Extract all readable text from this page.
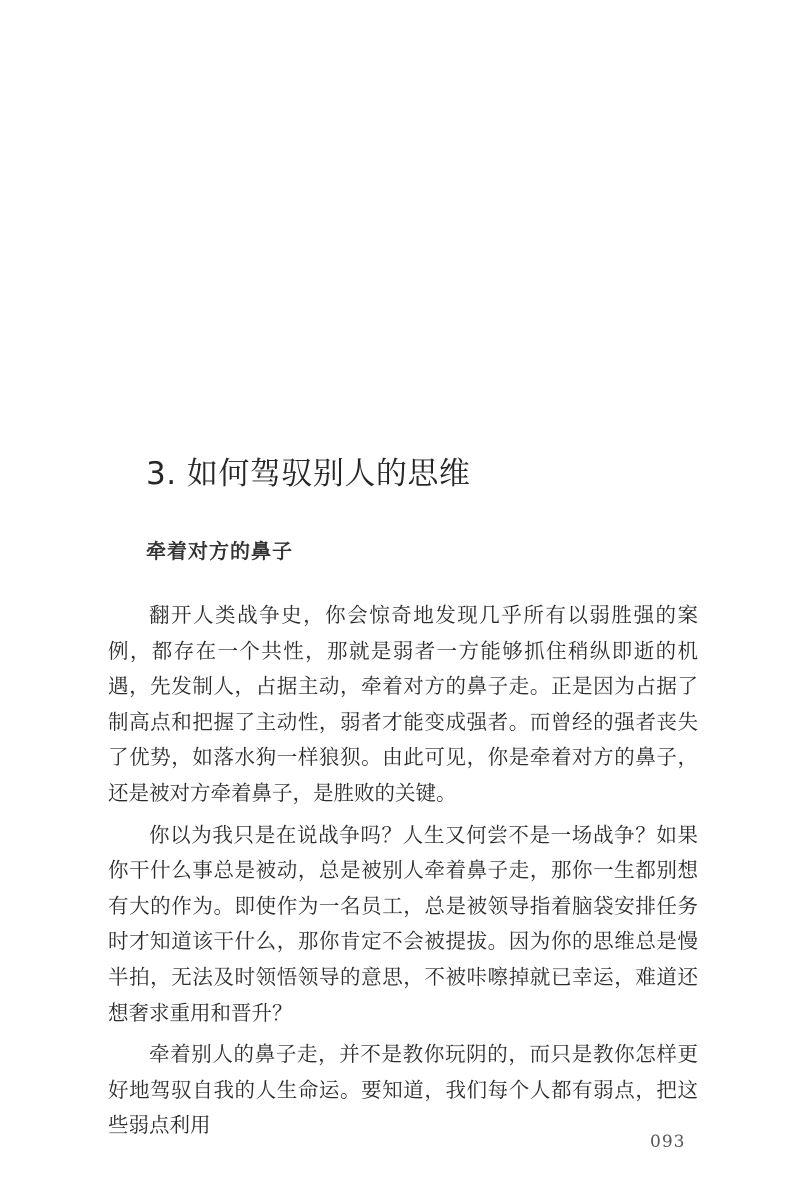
3. 如何驾驭别人的思维
牵着对方的鼻子

翻开人类战争史，你会惊奇地发现几乎所有以弱胜强的案例，都存在一个共性，那就是弱者一方能够抓住稍纵即逝的机遇，先发制人，占据主动，牵着对方的鼻子走。正是因为占据了制高点和把握了主动性，弱者才能变成强者。而曾经的强者丧失了优势，如落水狗一样狼狈。由此可见，你是牵着对方的鼻子，还是被对方牵着鼻子，是胜败的关键。

你以为我只是在说战争吗？人生又何尝不是一场战争？如果你干什么事总是被动，总是被别人牵着鼻子走，那你一生都别想有大的作为。即使作为一名员工，总是被领导指着脑袋安排任务时才知道该干什么，那你肯定不会被提拔。因为你的思维总是慢半拍，无法及时领悟领导的意思，不被咔嚓掉就已幸运，难道还想奢求重用和晋升？

牵着别人的鼻子走，并不是教你玩阴的，而只是教你怎样更好地驾驭自我的人生命运。要知道，我们每个人都有弱点，把这些弱点利用

093
